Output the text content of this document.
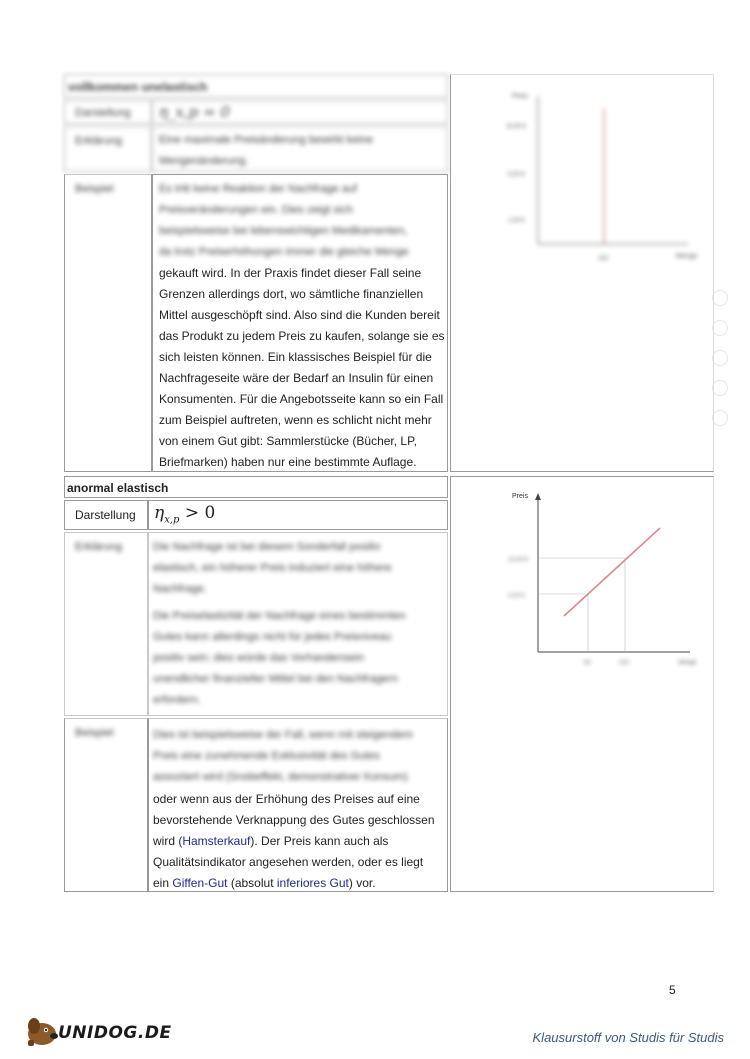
vollkommen unelastisch
Darstellung η_x,p = 0
Erklärung	Eine maximale Preisänderung bewirkt keine Mengenänderung.
Beispiel	Es tritt keine Reaktion der Nachfrage auf
Preisveränderungen ein. Dies zeigt sich
beispielsweise bei lebenswichtigen Medikamenten,
da trotz Preiserhöhungen immer die gleiche Menge
gekauft wird. In der Praxis findet dieser Fall seine
Grenzen allerdings dort, wo sämtliche finanziellen
Mittel ausgeschöpft sind. Also sind die Kunden bereit
das Produkt zu jedem Preis zu kaufen, solange sie es
sich leisten können. Ein klassisches Beispiel für die
Nachfrageseite wäre der Bedarf an Insulin für einen
Konsumenten. Für die Angebotsseite kann so ein Fall
zum Beispiel auftreten, wenn es schlicht nicht mehr
von einem Gut gibt: Sammlerstücke (Bücher, LP,
Briefmarken) haben nur eine bestimmte Auflage.
Preis
Menge
10,00 €
5,00 €
1,00 €
100
anormal elastisch
Darstellung $\eta_{x,p} > 0$
Erklärung	Die Nachfrage ist bei diesem Sonderfall positiv
elastisch, ein höherer Preis induziert eine höhere
Nachfrage.
Die Preiselastizität der Nachfrage eines bestimmten
Gutes kann allerdings nicht für jedes Preisniveau
positiv sein; dies würde das Vorhandensein
unendlicher finanzieller Mittel bei den Nachfragern
erfordern.
Beispiel	Dies ist beispielsweise der Fall, wenn mit steigendem
Preis eine zunehmende Exklusivität des Gutes
assoziiert wird (Snobeffekt, demonstrativer Konsum)
oder wenn aus der Erhöhung des Preises auf eine
bevorstehende Verknappung des Gutes geschlossen
wird (Hamsterkauf). Der Preis kann auch als
Qualitätsindikator angesehen werden, oder es liegt
ein Giffen-Gut (absolut inferiores Gut) vor.
Preis
Menge
10,00 €
5,00 €
80	100
5
UNIDOG.DE	Klausurstoff von Studis für Studis
